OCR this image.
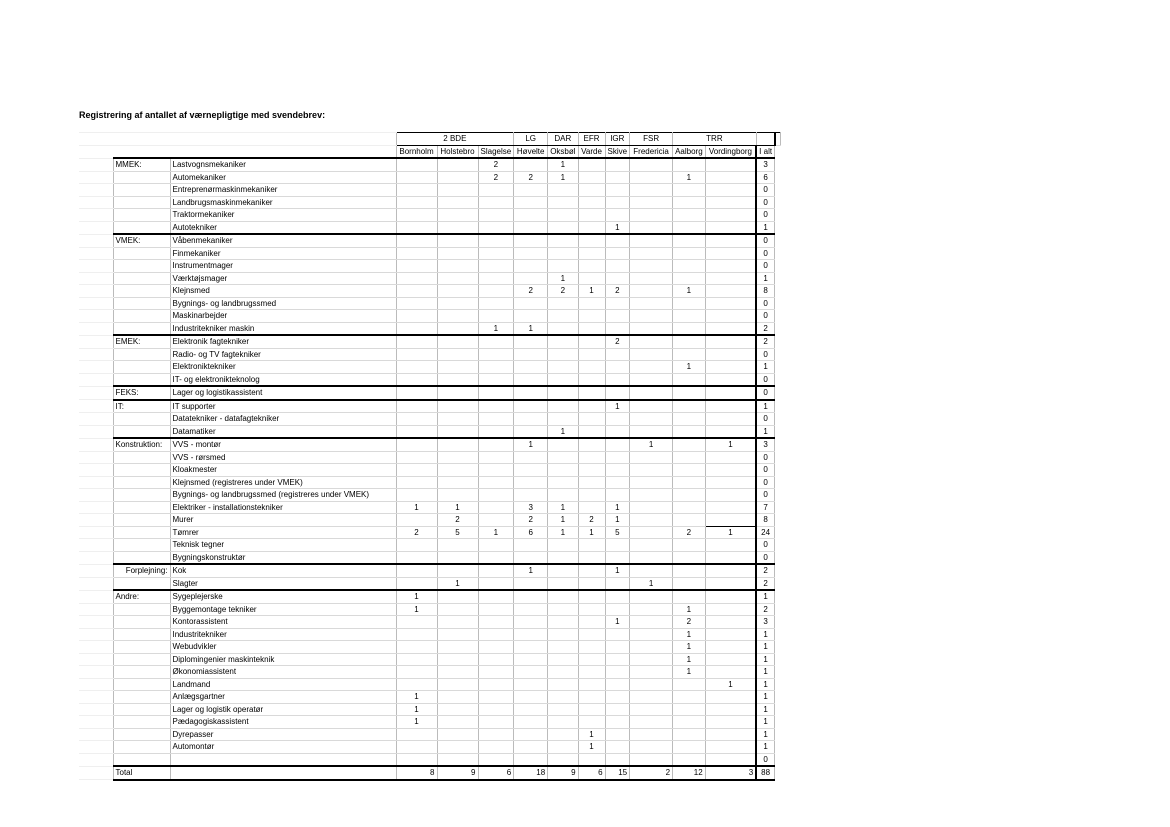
Registrering af antallet af værnepligtige med svendebrev:
			2 BDE			LG	DAR	EFR	IGR	FSR	TRR			
			Bornholm	Holstebro	Slagelse	Høvelte	Oksbøl	Varde	Skive	Fredericia	Aalborg	Vordingborg	I alt	
	MMEK:	Lastvognsmekaniker			2		1						3	
		Automekaniker			2	2	1				1		6	
		Entreprenørmaskinmekaniker											0	
		Landbrugsmaskinmekaniker											0	
		Traktormekaniker											0	
		Autotekniker							1				1	
	VMEK:	Våbenmekaniker											0	
		Finmekaniker											0	
		Instrumentmager											0	
		Værktøjsmager					1						1	
		Klejnsmed				2	2	1	2		1		8	
		Bygnings- og landbrugssmed											0	
		Maskinarbejder											0	
		Industritekniker maskin			1	1							2	
	EMEK:	Elektronik fagtekniker							2				2	
		Radio- og TV fagtekniker											0	
		Elektroniktekniker									1		1	
		IT- og elektronikteknolog											0	
	FEKS:	Lager og logistikassistent											0	
	IT:	IT supporter							1				1	
		Datatekniker - datafagtekniker											0	
		Datamatiker					1						1	
	Konstruktion:	VVS - montør				1				1		1	3	
		VVS - rørsmed											0	
		Kloakmester											0	
		Klejnsmed (registreres under VMEK)											0	
		Bygnings- og landbrugssmed (registreres under VMEK)											0	
		Elektriker - installationstekniker	1	1		3	1		1				7	
		Murer		2		2	1	2	1				8	
		Tømrer	2	5	1	6	1	1	5		2	1	24	
		Teknisk tegner											0	
		Bygningskonstruktør											0	
	Forplejning:	Kok				1			1				2	
		Slagter		1						1			2	
	Andre:	Sygeplejerske	1										1	
		Byggemontage tekniker	1								1		2	
		Kontorassistent							1		2		3	
		Industritekniker									1		1	
		Webudvikler									1		1	
		Diplomingenier maskinteknik									1		1	
		Økonomiassistent									1		1	
		Landmand										1	1	
		Anlægsgartner	1										1	
		Lager og logistik operatør	1										1	
		Pædagogiskassistent	1										1	
		Dyrepasser						1					1	
		Automontør						1					1	
													0	
	Total		8	9	6	18	9	6	15	2	12	3	88	
